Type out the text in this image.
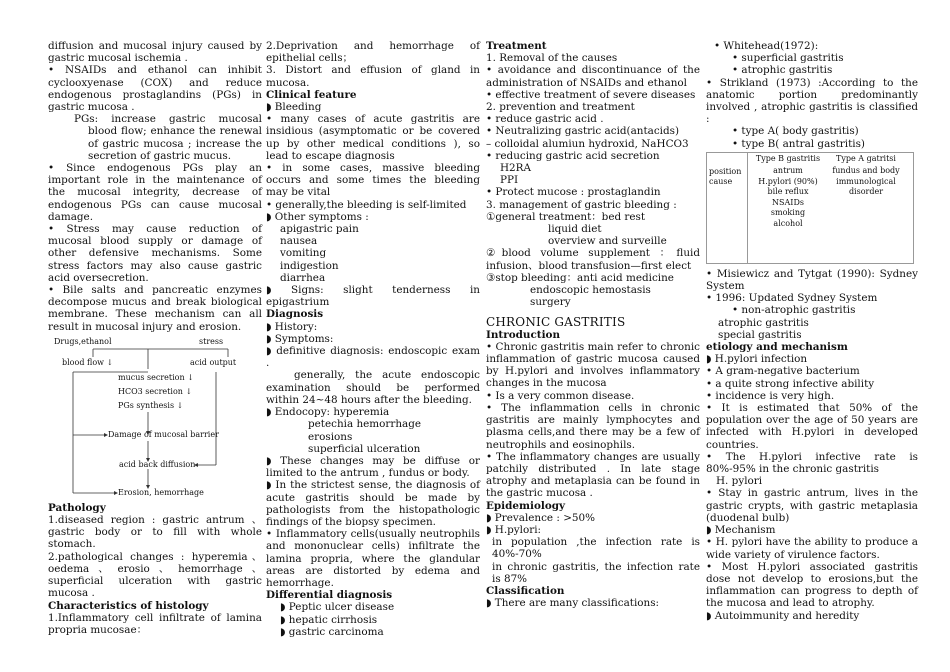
diffusion and mucosal injury caused by gastric mucosal ischemia .

• NSAIDs and ethanol can inhibit cyclooxyenase (COX) and reduce endogenous prostaglandins (PGs) in gastric mucosa .

PGs: increase gastric mucosal blood flow; enhance the renewal of gastric mucosa ; increase the secretion of gastric mucus.

• Since endogenous PGs play an important role in the maintenance of the mucosal integrity, decrease of endogenous PGs can cause mucosal damage.

• Stress may cause reduction of mucosal blood supply or damage of other defensive mechanisms. Some stress factors may also cause gastric acid oversecretion.

• Bile salts and pancreatic enzymes decompose mucus and break biological membrane. These mechanism can all result in mucosal injury and erosion.

Drugs,ethanol	stress
blood flow ↓	acid output
mucus secretion ↓
HCO3 secretion ↓
PGs synthesis ↓
Damage of mucosal barrier
acid back diffusion
Erosion, hemorrhage

Pathology

1.diseased region : gastric antrum 、gastric body or to fill with whole stomach.

2.pathological changes : hyperemia、oedema、erosio、hemorrhage、superficial ulceration with gastric mucosa .

Characteristics of histology

1.Inflammatory cell infiltrate of lamina propria mucosae：

2.Deprivation and hemorrhage of epithelial cells；

3. Distort and effusion of gland in mucosa.

Clinical feature

◗ Bleeding

• many cases of acute gastritis are insidious (asymptomatic or be covered up by other medical conditions ), so lead to escape diagnosis

• in some cases, massive bleeding occurs and some times the bleeding may be vital

• generally,the bleeding is self-limited

◗ Other symptoms :

apigastric pain

nausea

vomiting

indigestion

diarrhea

◗ Signs: slight tenderness in epigastrium

Diagnosis

◗ History:

◗ Symptoms:

◗ definitive diagnosis: endoscopic exam .

generally, the acute endoscopic examination should be performed within 24~48 hours after the bleeding.

◗ Endocopy: hyperemia

petechia hemorrhage

erosions

superficial ulceration

◗ These changes may be diffuse or limited to the antrum , fundus or body.

◗ In the strictest sense, the diagnosis of acute gastritis should be made by pathologists from the histopathologic findings of the biopsy specimen.

• Inflammatory cells(usually neutrophils and mononuclear cells) infiltrate the lamina propria, where the glandular areas are distorted by edema and hemorrhage.

Differential diagnosis

◗ Peptic ulcer disease

◗ hepatic cirrhosis

◗ gastric carcinoma

Treatment

1. Removal of the causes

• avoidance and discontinuance of the administration of NSAIDs and ethanol

• effective treatment of severe diseases

2. prevention and treatment

• reduce gastric acid .

• Neutralizing gastric acid(antacids)

– colloidal alumiun hydroxid, NaHCO3

• reducing gastric acid secretion

H2RA

PPI

• Protect mucose : prostaglandin

3. management of gastric bleeding :

①general treatment：bed rest

liquid diet

overview and surveille

②blood volume supplement ：fluid infusion、blood transfusion—first elect

③stop bleeding：anti acid medicine

endoscopic hemostasis

surgery

CHRONIC GASTRITIS

Introduction

• Chronic gastritis main refer to chronic inflammation of gastric mucosa caused by H.pylori and involves inflammatory changes in the mucosa

• Is a very common disease.

• The inflammation cells in chronic gastritis are mainly lymphocytes and plasma cells,and there may be a few of neutrophils and eosinophils.

• The inflammatory changes are usually patchily distributed . In late stage atrophy and metaplasia can be found in the gastric mucosa .

Epidemiology

◗ Prevalence : >50%

◗ H.pylori:

in population ,the infection rate is 40%-70%

in chronic gastritis, the infection rate is 87%

Classification

◗ There are many classifications:

• Whitehead(1972):

• superficial gastritis

• atrophic gastritis

• Strikland (1973) :According to the anatomic portion predominantly involved , atrophic gastritis is classified :

• type A( body gastritis)

• type B( antral gastritis)

position cause
Type B gastritis
antrum
H.pylori (90%)
bile reflux
NSAIDs
smoking
alcohol
Type A gatritsi
fundus and body
immunological disorder

• Misiewicz and Tytgat (1990): Sydney System

• 1996: Updated Sydney System

• non-atrophic gastritis

atrophic gastritis

special gastritis

etiology and mechanism

◗ H.pylori infection

• A gram-negative bacterium

• a quite strong infective ability

• incidence is very high.

• It is estimated that 50% of the population over the age of 50 years are infected with H.pylori in developed countries.

• The H.pylori infective rate is 80%-95% in the chronic gastritis

H. pylori

• Stay in gastric antrum, lives in the gastric crypts, with gastric metaplasia (duodenal bulb)

◗ Mechanism

• H. pylori have the ability to produce a wide variety of virulence factors.

• Most H.pylori associated gastritis dose not develop to erosions,but the inflammation can progress to depth of the mucosa and lead to atrophy.

◗ Autoimmunity and heredity
